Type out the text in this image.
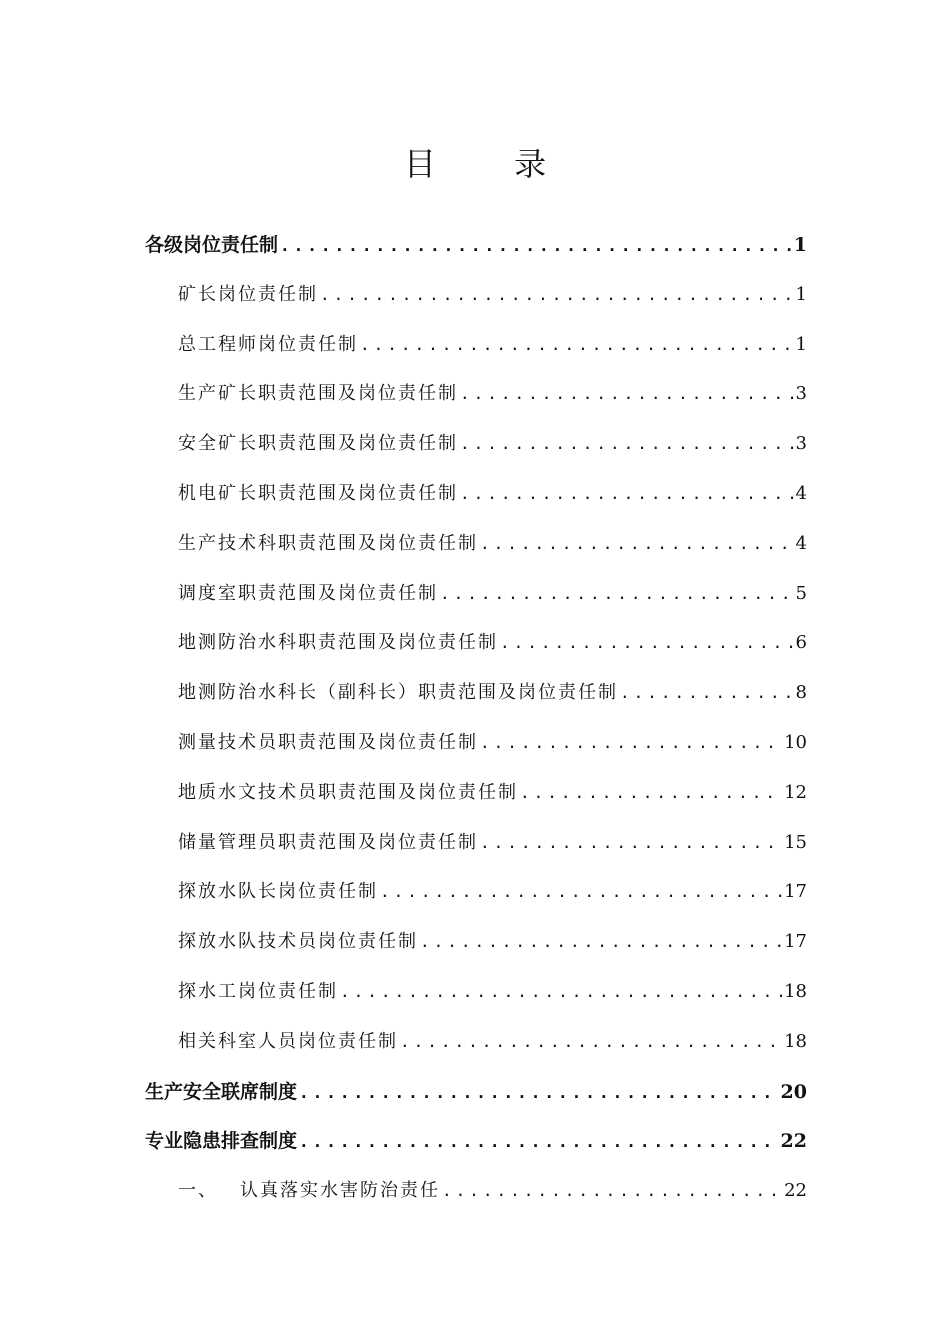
目 录
各级岗位责任制 .....	1
矿长岗位责任制 .....	1
总工程师岗位责任制 .....	1
生产矿长职责范围及岗位责任制 .....	3
安全矿长职责范围及岗位责任制 .....	3
机电矿长职责范围及岗位责任制 .....	4
生产技术科职责范围及岗位责任制 .....	4
调度室职责范围及岗位责任制 .....	5
地测防治水科职责范围及岗位责任制 .....	6
地测防治水科长（副科长）职责范围及岗位责任制 .....	8
测量技术员职责范围及岗位责任制 .....	10
地质水文技术员职责范围及岗位责任制 .....	12
储量管理员职责范围及岗位责任制 .....	15
探放水队长岗位责任制 .....	17
探放水队技术员岗位责任制 .....	17
探水工岗位责任制 .....	18
相关科室人员岗位责任制 .....	18
生产安全联席制度 .....	20
专业隐患排查制度 .....	22
一、 认真落实水害防治责任 .....	22
